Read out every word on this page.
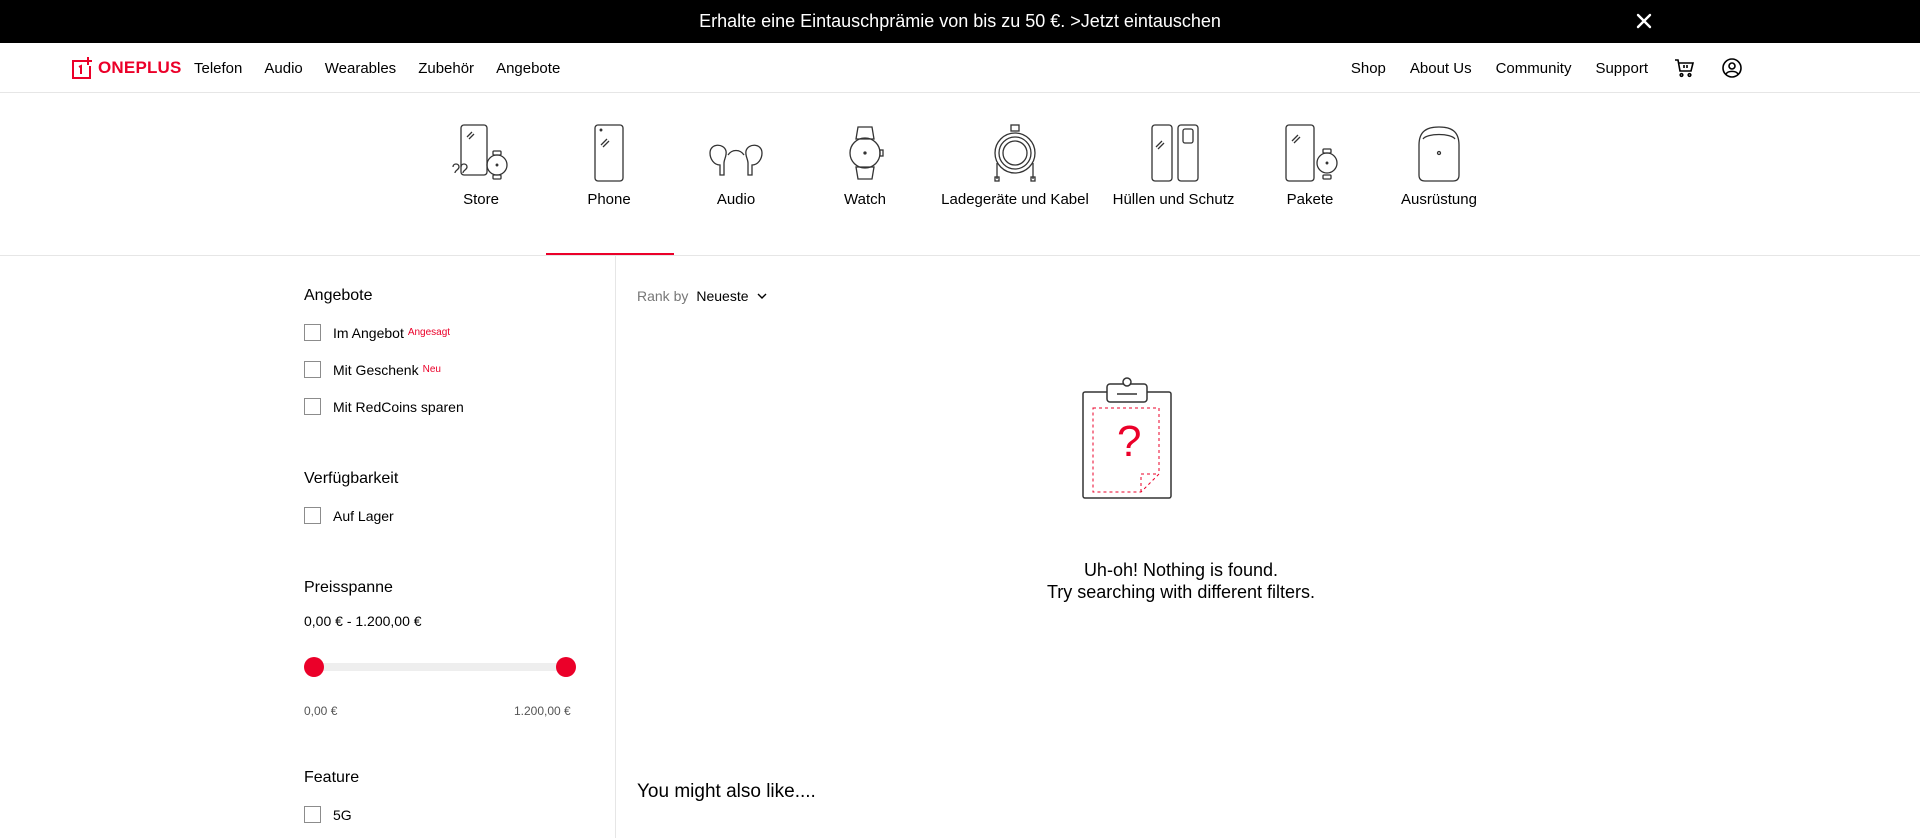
Erhalte eine Eintauschprämie von bis zu 50 €. >Jetzt eintauschen
ONEPLUS Telefon Audio Wearables Zubehör Angebote	Shop About Us Community Support
Store	Phone	Audio	Watch	Ladegeräte und Kabel Hüllen und Schutz	Pakete	Ausrüstung
Angebote
Im Angebot Angesagt
Mit Geschenk Neu
Mit RedCoins sparen
Verfügbarkeit
Auf Lager
Preisspanne
0,00 € - 1.200,00 €
0,00 €	1.200,00 €
Feature
5G
Rank by Neueste
?
Uh-oh! Nothing is found.
Try searching with different filters.
You might also like....
